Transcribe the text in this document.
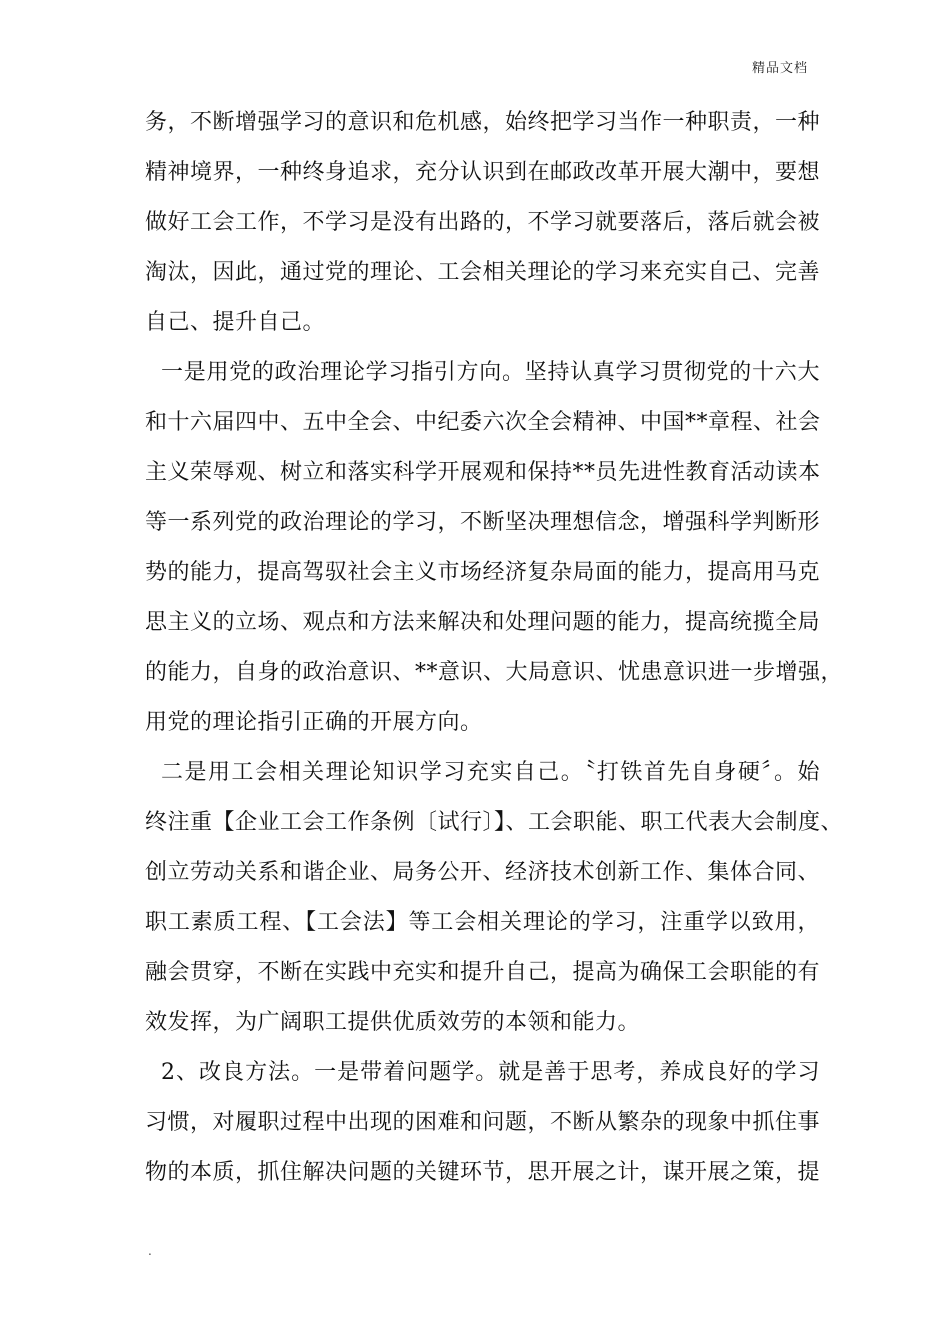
精品文档
务，不断增强学习的意识和危机感，始终把学习当作一种职责，一种
精神境界，一种终身追求，充分认识到在邮政改革开展大潮中，要想
做好工会工作，不学习是没有出路的，不学习就要落后，落后就会被
淘汰，因此，通过党的理论、工会相关理论的学习来充实自己、完善
自己、提升自己。
一是用党的政治理论学习指引方向。坚持认真学习贯彻党的十六大
和十六届四中、五中全会、中纪委六次全会精神、中国**章程、社会
主义荣辱观、树立和落实科学开展观和保持**员先进性教育活动读本
等一系列党的政治理论的学习，不断坚决理想信念，增强科学判断形
势的能力，提高驾驭社会主义市场经济复杂局面的能力，提高用马克
思主义的立场、观点和方法来解决和处理问题的能力，提高统揽全局
的能力，自身的政治意识、**意识、大局意识、忧患意识进一步增强，
用党的理论指引正确的开展方向。
二是用工会相关理论知识学习充实自己。〝打铁首先自身硬〞。始
终注重【企业工会工作条例〔试行〕】、工会职能、职工代表大会制度、
创立劳动关系和谐企业、局务公开、经济技术创新工作、集体合同、
职工素质工程、【工会法】等工会相关理论的学习，注重学以致用，
融会贯穿，不断在实践中充实和提升自己，提高为确保工会职能的有
效发挥，为广阔职工提供优质效劳的本领和能力。
2、改良方法。一是带着问题学。就是善于思考，养成良好的学习
习惯，对履职过程中出现的困难和问题，不断从繁杂的现象中抓住事
物的本质，抓住解决问题的关键环节，思开展之计，谋开展之策，提
.
